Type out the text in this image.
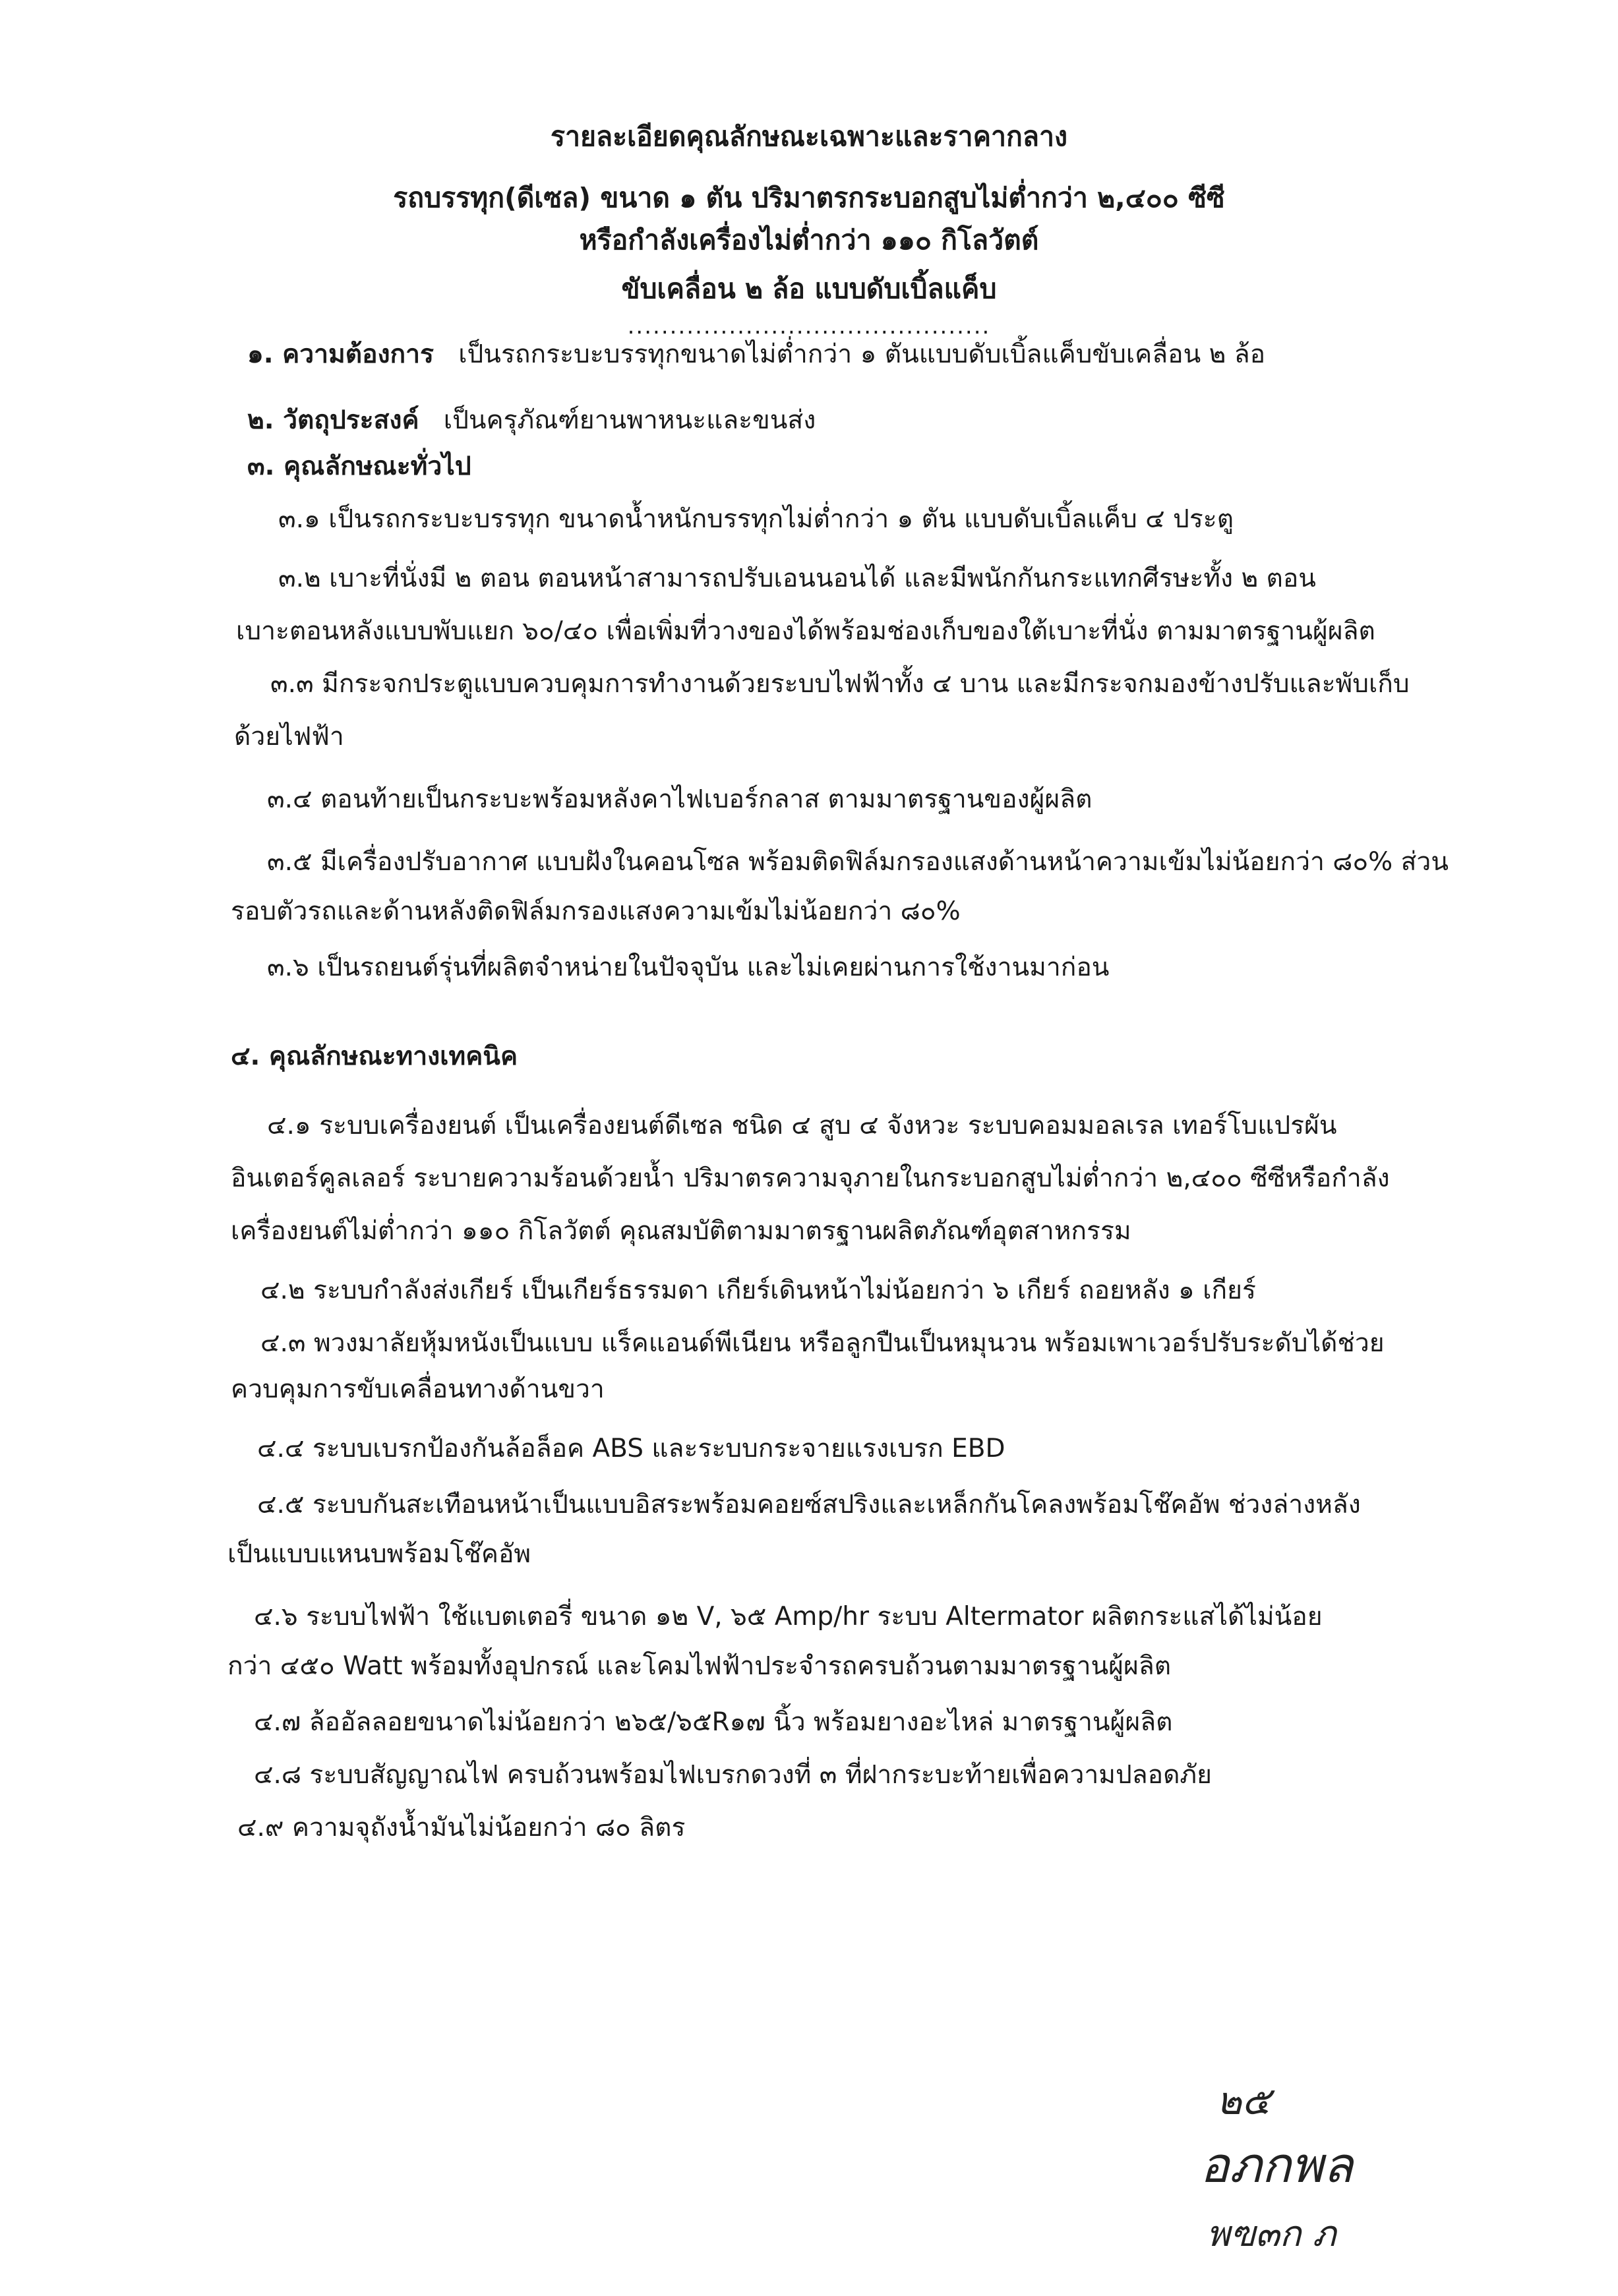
รายละเอียดคุณลักษณะเฉพาะและราคากลาง
รถบรรทุก(ดีเซล) ขนาด ๑ ตัน ปริมาตรกระบอกสูบไม่ต่ำกว่า ๒,๔๐๐ ซีซี
หรือกำลังเครื่องไม่ต่ำกว่า ๑๑๐ กิโลวัตต์
ขับเคลื่อน ๒ ล้อ แบบดับเบิ้ลแค็บ
...........................................
๑. ความต้องการ เป็นรถกระบะบรรทุกขนาดไม่ต่ำกว่า ๑ ตันแบบดับเบิ้ลแค็บขับเคลื่อน ๒ ล้อ
๒. วัตถุประสงค์ เป็นครุภัณฑ์ยานพาหนะและขนส่ง
๓. คุณลักษณะทั่วไป
๓.๑ เป็นรถกระบะบรรทุก ขนาดน้ำหนักบรรทุกไม่ต่ำกว่า ๑ ตัน แบบดับเบิ้ลแค็บ ๔ ประตู
๓.๒ เบาะที่นั่งมี ๒ ตอน ตอนหน้าสามารถปรับเอนนอนได้ และมีพนักกันกระแทกศีรษะทั้ง ๒ ตอน
เบาะตอนหลังแบบพับแยก ๖๐/๔๐ เพื่อเพิ่มที่วางของได้พร้อมช่องเก็บของใต้เบาะที่นั่ง ตามมาตรฐานผู้ผลิต
๓.๓ มีกระจกประตูแบบควบคุมการทำงานด้วยระบบไฟฟ้าทั้ง ๔ บาน และมีกระจกมองข้างปรับและพับเก็บ
ด้วยไฟฟ้า
๓.๔ ตอนท้ายเป็นกระบะพร้อมหลังคาไฟเบอร์กลาส ตามมาตรฐานของผู้ผลิต
๓.๕ มีเครื่องปรับอากาศ แบบฝังในคอนโซล พร้อมติดฟิล์มกรองแสงด้านหน้าความเข้มไม่น้อยกว่า ๘๐% ส่วน
รอบตัวรถและด้านหลังติดฟิล์มกรองแสงความเข้มไม่น้อยกว่า ๘๐%
๓.๖ เป็นรถยนต์รุ่นที่ผลิตจำหน่ายในปัจจุบัน และไม่เคยผ่านการใช้งานมาก่อน
๔. คุณลักษณะทางเทคนิค
๔.๑ ระบบเครื่องยนต์ เป็นเครื่องยนต์ดีเซล ชนิด ๔ สูบ ๔ จังหวะ ระบบคอมมอลเรล เทอร์โบแปรผัน
อินเตอร์คูลเลอร์ ระบายความร้อนด้วยน้ำ ปริมาตรความจุภายในกระบอกสูบไม่ต่ำกว่า ๒,๔๐๐ ซีซีหรือกำลัง
เครื่องยนต์ไม่ต่ำกว่า ๑๑๐ กิโลวัตต์ คุณสมบัติตามมาตรฐานผลิตภัณฑ์อุตสาหกรรม
๔.๒ ระบบกำลังส่งเกียร์ เป็นเกียร์ธรรมดา เกียร์เดินหน้าไม่น้อยกว่า ๖ เกียร์ ถอยหลัง ๑ เกียร์
๔.๓ พวงมาลัยหุ้มหนังเป็นแบบ แร็คแอนด์พีเนียน หรือลูกปืนเป็นหมุนวน พร้อมเพาเวอร์ปรับระดับได้ช่วย
ควบคุมการขับเคลื่อนทางด้านขวา
๔.๔ ระบบเบรกป้องกันล้อล็อค ABS และระบบกระจายแรงเบรก EBD
๔.๕ ระบบกันสะเทือนหน้าเป็นแบบอิสระพร้อมคอยซ์สปริงและเหล็กกันโคลงพร้อมโช๊คอัพ ช่วงล่างหลัง
เป็นแบบแหนบพร้อมโช๊คอัพ
๔.๖ ระบบไฟฟ้า ใช้แบตเตอรี่ ขนาด ๑๒ V, ๖๕ Amp/hr ระบบ Altermator ผลิตกระแสได้ไม่น้อย
กว่า ๔๕๐ Watt พร้อมทั้งอุปกรณ์ และโคมไฟฟ้าประจำรถครบถ้วนตามมาตรฐานผู้ผลิต
๔.๗ ล้ออัลลอยขนาดไม่น้อยกว่า ๒๖๕/๖๕R๑๗ นิ้ว พร้อมยางอะไหล่ มาตรฐานผู้ผลิต
๔.๘ ระบบสัญญาณไฟ ครบถ้วนพร้อมไฟเบรกดวงที่ ๓ ที่ฝากระบะท้ายเพื่อความปลอดภัย
๔.๙ ความจุถังน้ำมันไม่น้อยกว่า ๘๐ ลิตร
๒๕
อภกพล
พฃ๓ก ภ
